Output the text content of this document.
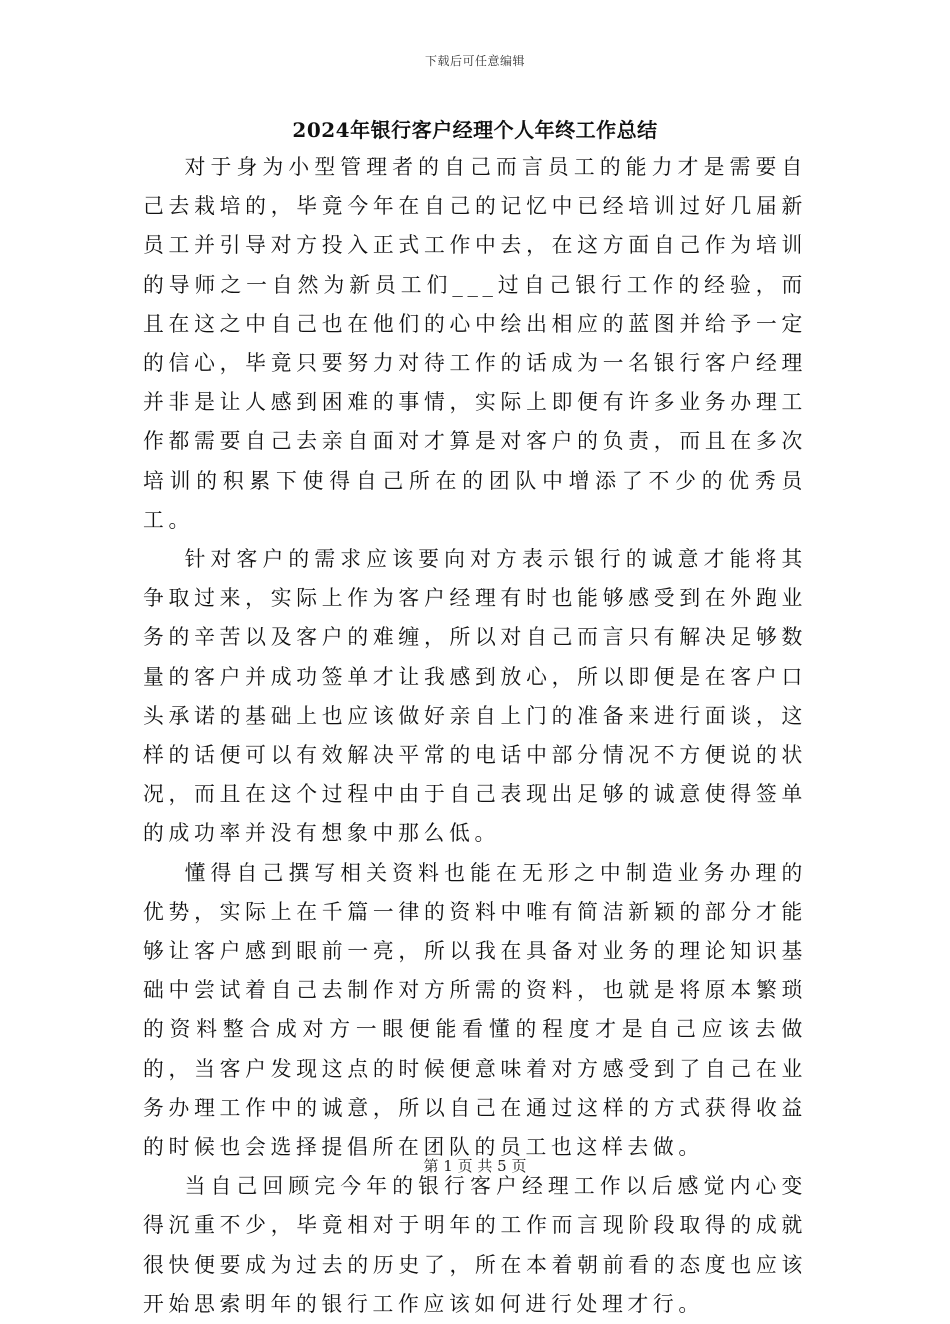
下载后可任意编辑
2024年银行客户经理个人年终工作总结

对于身为小型管理者的自己而言员工的能力才是需要自己去栽培的，毕竟今年在自己的记忆中已经培训过好几届新员工并引导对方投入正式工作中去，在这方面自己作为培训的导师之一自然为新员工们___过自己银行工作的经验，而且在这之中自己也在他们的心中绘出相应的蓝图并给予一定的信心，毕竟只要努力对待工作的话成为一名银行客户经理并非是让人感到困难的事情，实际上即便有许多业务办理工作都需要自己去亲自面对才算是对客户的负责，而且在多次培训的积累下使得自己所在的团队中增添了不少的优秀员工。

针对客户的需求应该要向对方表示银行的诚意才能将其争取过来，实际上作为客户经理有时也能够感受到在外跑业务的辛苦以及客户的难缠，所以对自己而言只有解决足够数量的客户并成功签单才让我感到放心，所以即便是在客户口头承诺的基础上也应该做好亲自上门的准备来进行面谈，这样的话便可以有效解决平常的电话中部分情况不方便说的状况，而且在这个过程中由于自己表现出足够的诚意使得签单的成功率并没有想象中那么低。

懂得自己撰写相关资料也能在无形之中制造业务办理的优势，实际上在千篇一律的资料中唯有简洁新颖的部分才能够让客户感到眼前一亮，所以我在具备对业务的理论知识基础中尝试着自己去制作对方所需的资料，也就是将原本繁琐的资料整合成对方一眼便能看懂的程度才是自己应该去做的，当客户发现这点的时候便意味着对方感受到了自己在业务办理工作中的诚意，所以自己在通过这样的方式获得收益的时候也会选择提倡所在团队的员工也这样去做。

当自己回顾完今年的银行客户经理工作以后感觉内心变得沉重不少，毕竟相对于明年的工作而言现阶段取得的成就很快便要成为过去的历史了，所在本着朝前看的态度也应该开始思索明年的银行工作应该如何进行处理才行。

第 1 页 共 5 页
